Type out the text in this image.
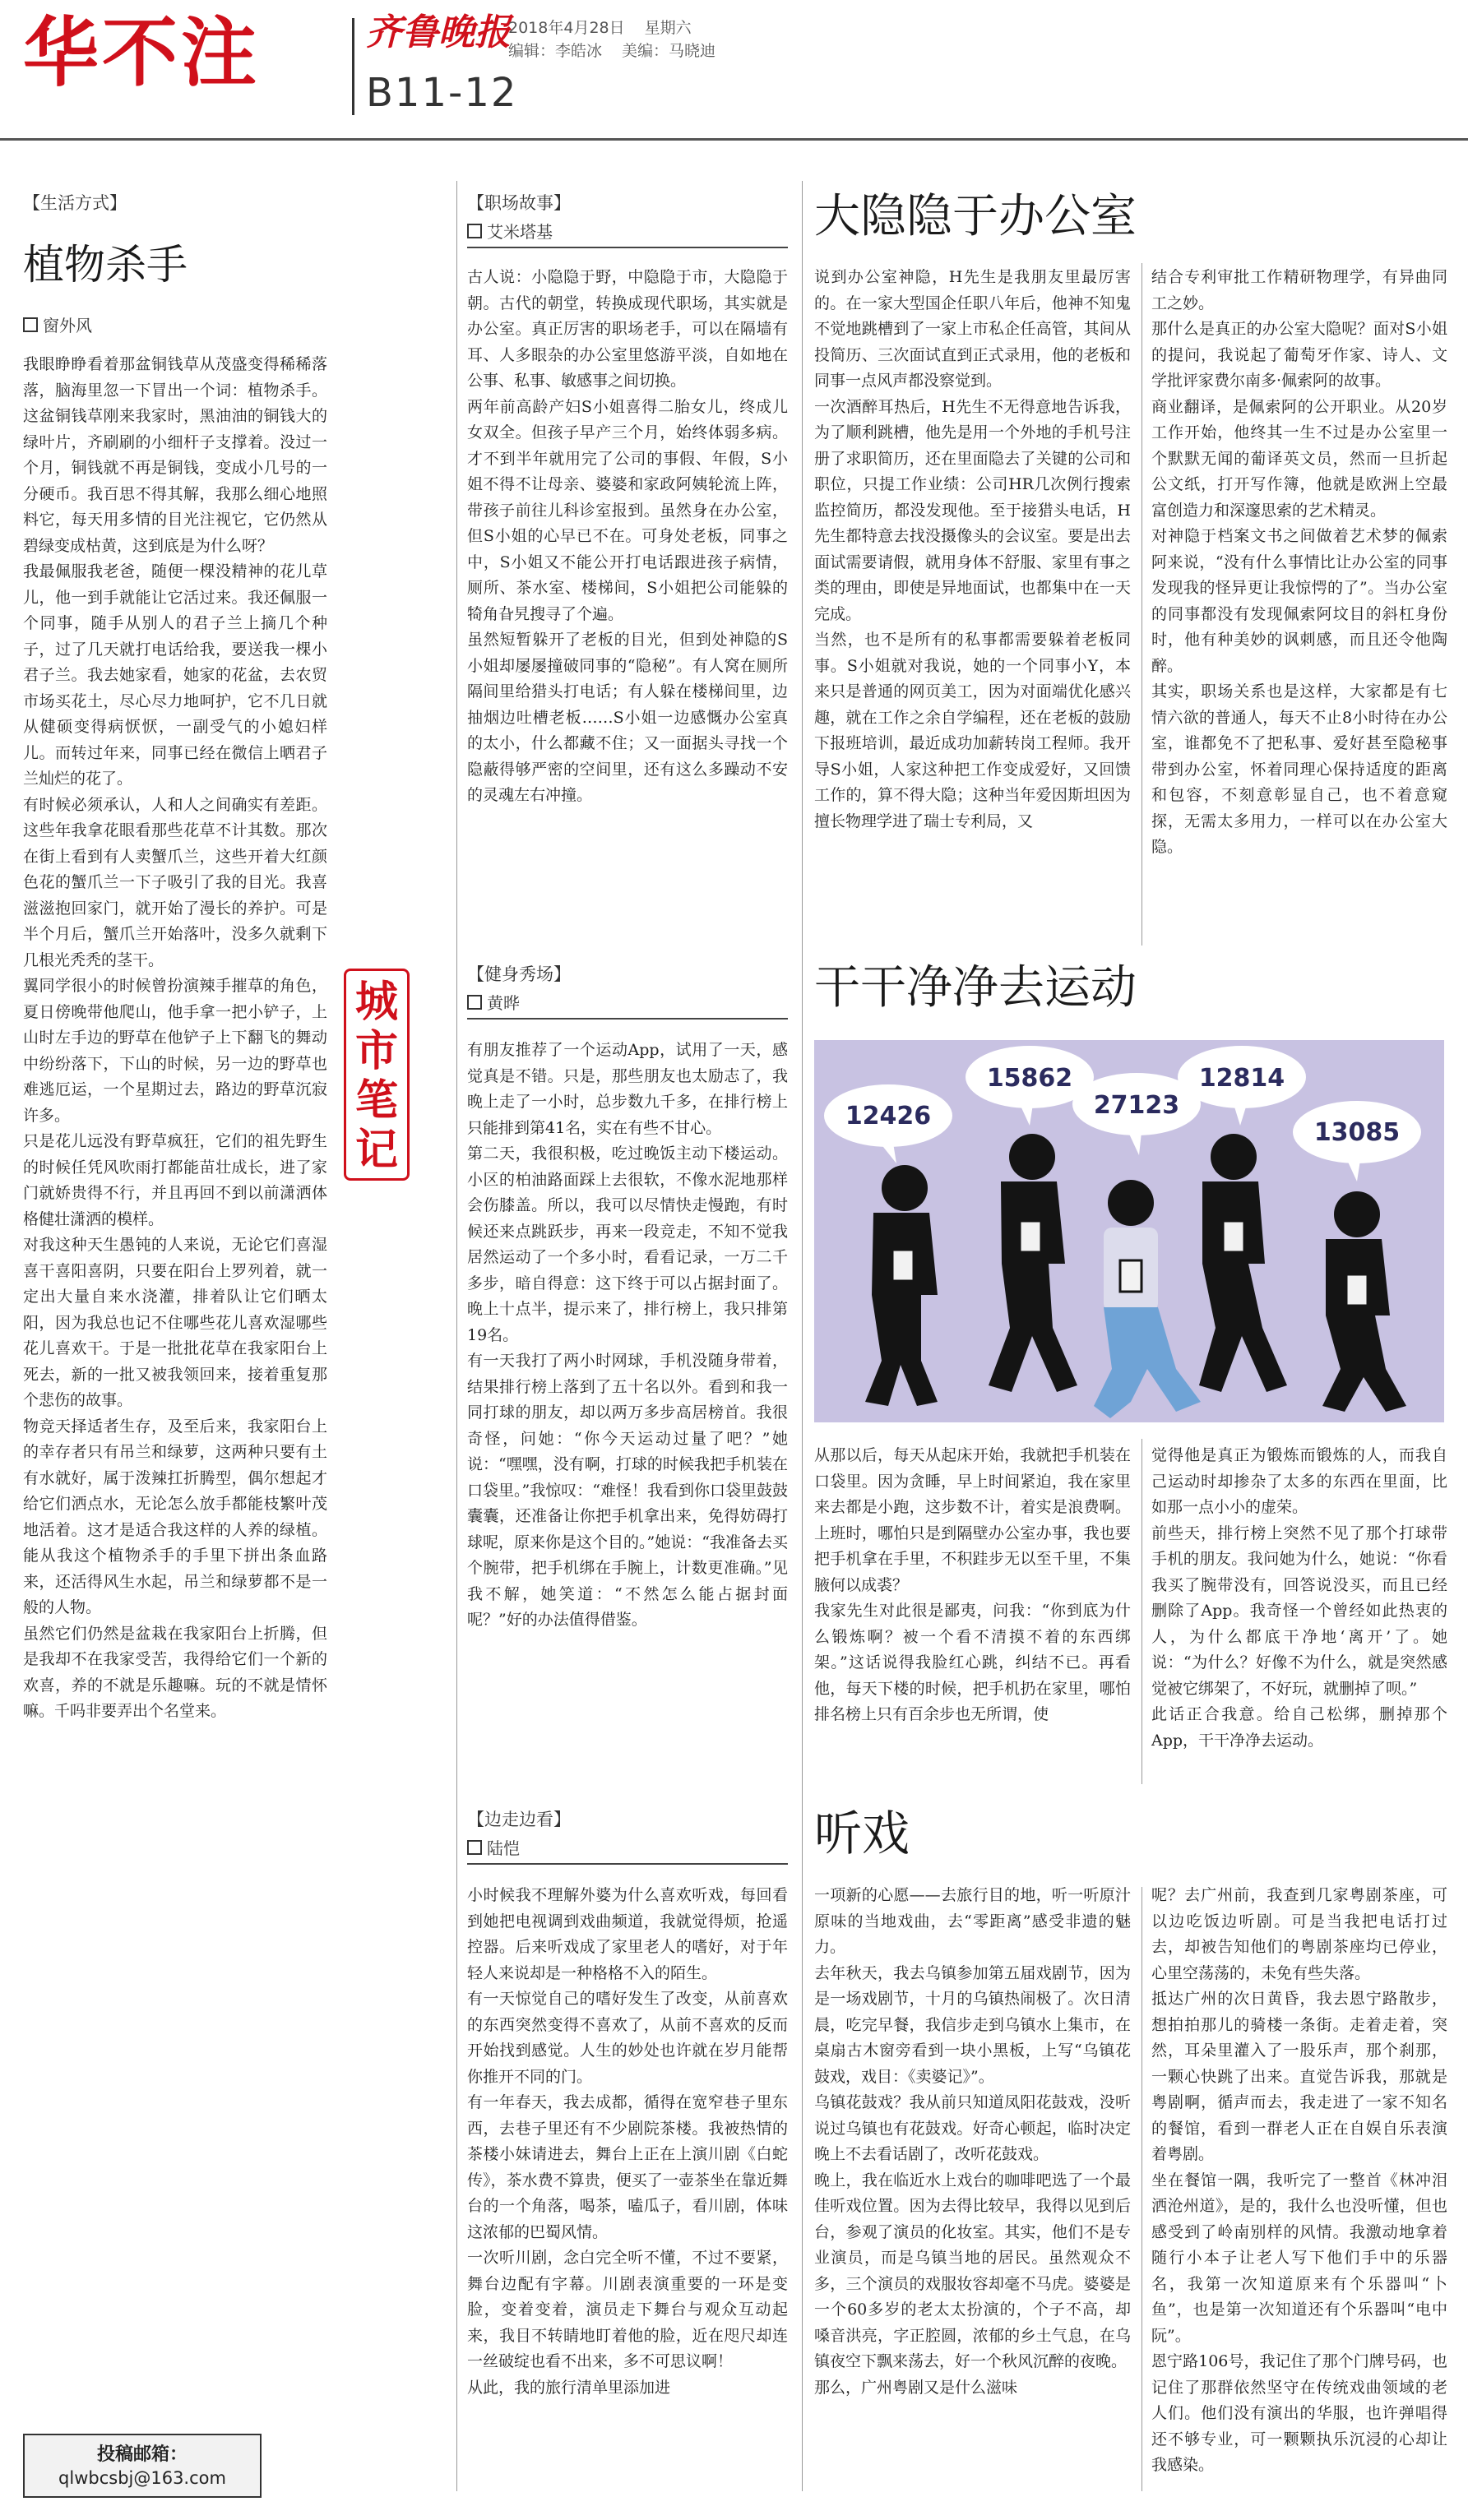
华不注	齐鲁晚报
B11-12
2018年4月28日 星期六
编辑：李皓冰 美编：马晓迪
【生活方式】
植物杀手
窗外风
我眼睁睁看着那盆铜钱草从茂盛变得稀稀落落，脑海里忽一下冒出一个词：植物杀手。这盆铜钱草刚来我家时，黑油油的铜钱大的绿叶片，齐刷刷的小细杆子支撑着。没过一个月，铜钱就不再是铜钱，变成小几号的一分硬币。我百思不得其解，我那么细心地照料它，每天用多情的目光注视它，它仍然从碧绿变成枯黄，这到底是为什么呀？
我最佩服我老爸，随便一棵没精神的花儿草儿，他一到手就能让它活过来。我还佩服一个同事，随手从别人的君子兰上摘几个种子，过了几天就打电话给我，要送我一棵小君子兰。我去她家看，她家的花盆，去农贸市场买花土，尽心尽力地呵护，它不几日就从健硕变得病恹恹，一副受气的小媳妇样儿。而转过年来，同事已经在微信上晒君子兰灿烂的花了。
有时候必须承认，人和人之间确实有差距。这些年我拿花眼看那些花草不计其数。那次在街上看到有人卖蟹爪兰，这些开着大红颜色花的蟹爪兰一下子吸引了我的目光。我喜滋滋抱回家门，就开始了漫长的养护。可是半个月后，蟹爪兰开始落叶，没多久就剩下几根光秃秃的茎干。
翼同学很小的时候曾扮演辣手摧草的角色，夏日傍晚带他爬山，他手拿一把小铲子，上山时左手边的野草在他铲子上下翻飞的舞动中纷纷落下，下山的时候，另一边的野草也难逃厄运，一个星期过去，路边的野草沉寂许多。
只是花儿远没有野草疯狂，它们的祖先野生的时候任凭风吹雨打都能苗壮成长，进了家门就娇贵得不行，并且再回不到以前潇洒体格健壮潇洒的模样。
对我这种天生愚钝的人来说，无论它们喜湿喜干喜阳喜阴，只要在阳台上罗列着，就一定出大量自来水浇灌，排着队让它们晒太阳，因为我总也记不住哪些花儿喜欢湿哪些花儿喜欢干。于是一批批花草在我家阳台上死去，新的一批又被我领回来，接着重复那个悲伤的故事。
物竞天择适者生存，及至后来，我家阳台上的幸存者只有吊兰和绿萝，这两种只要有土有水就好，属于泼辣扛折腾型，偶尔想起才给它们洒点水，无论怎么放手都能枝繁叶茂地活着。这才是适合我这样的人养的绿植。能从我这个植物杀手的手里下拼出条血路来，还活得风生水起，吊兰和绿萝都不是一般的人物。
虽然它们仍然是盆栽在我家阳台上折腾，但是我却不在我家受苦，我得给它们一个新的欢喜，养的不就是乐趣嘛。玩的不就是情怀嘛。千吗非要弄出个名堂来。
城市笔记
投稿邮箱：
qlwbcsbj@163.com
【职场故事】
艾米塔基	大隐隐于办公室
古人说：小隐隐于野，中隐隐于市，大隐隐于朝。古代的朝堂，转换成现代职场，其实就是办公室。真正厉害的职场老手，可以在隔墙有耳、人多眼杂的办公室里悠游平淡，自如地在公事、私事、敏感事之间切换。
两年前高龄产妇S小姐喜得二胎女儿，终成儿女双全。但孩子早产三个月，始终体弱多病。才不到半年就用完了公司的事假、年假，S小姐不得不让母亲、婆婆和家政阿姨轮流上阵，带孩子前往儿科诊室报到。虽然身在办公室，但S小姐的心早已不在。可身处老板，同事之中，S小姐又不能公开打电话跟进孩子病情，厕所、茶水室、楼梯间，S小姐把公司能躲的犄角旮旯搜寻了个遍。
虽然短暂躲开了老板的目光，但到处神隐的S小姐却屡屡撞破同事的“隐秘”。有人窝在厕所隔间里给猎头打电话；有人躲在楼梯间里，边抽烟边吐槽老板……S小姐一边感慨办公室真的太小，什么都藏不住；又一面据头寻找一个隐蔽得够严密的空间里，还有这么多躁动不安的灵魂左右冲撞。
说到办公室神隐，H先生是我朋友里最厉害的。在一家大型国企任职八年后，他神不知鬼不觉地跳槽到了一家上市私企任高管，其间从投简历、三次面试直到正式录用，他的老板和同事一点风声都没察觉到。
一次酒醉耳热后，H先生不无得意地告诉我，为了顺利跳槽，他先是用一个外地的手机号注册了求职简历，还在里面隐去了关键的公司和职位，只提工作业绩：公司HR几次例行搜索监控简历，都没发现他。至于接猎头电话，H先生都特意去找没摄像头的会议室。要是出去面试需要请假，就用身体不舒服、家里有事之类的理由，即使是异地面试，也都集中在一天完成。
当然，也不是所有的私事都需要躲着老板同事。S小姐就对我说，她的一个同事小Y，本来只是普通的网页美工，因为对面端优化感兴趣，就在工作之余自学编程，还在老板的鼓励下报班培训，最近成功加薪转岗工程师。我开导S小姐，人家这种把工作变成爱好，又回馈工作的，算不得大隐；这种当年爱因斯坦因为擅长物理学进了瑞士专利局，又
结合专利审批工作精研物理学，有异曲同工之妙。
那什么是真正的办公室大隐呢？面对S小姐的提问，我说起了葡萄牙作家、诗人、文学批评家费尔南多·佩索阿的故事。
商业翻译，是佩索阿的公开职业。从20岁工作开始，他终其一生不过是办公室里一个默默无闻的葡译英文员，然而一旦折起公文纸，打开写作簿，他就是欧洲上空最富创造力和深邃思索的艺术精灵。
对神隐于档案文书之间做着艺术梦的佩索阿来说，“没有什么事情比让办公室的同事发现我的怪异更让我惊愕的了”。当办公室的同事都没有发现佩索阿坟目的斜杠身份时，他有种美妙的讽刺感，而且还令他陶醉。
其实，职场关系也是这样，大家都是有七情六欲的普通人，每天不止8小时待在办公室，谁都免不了把私事、爱好甚至隐秘事带到办公室，怀着同理心保持适度的距离和包容，不刻意彰显自己，也不着意窥探，无需太多用力，一样可以在办公室大隐。
【健身秀场】
黄晔	干干净净去运动
有朋友推荐了一个运动App，试用了一天，感觉真是不错。只是，那些朋友也太励志了，我晚上走了一小时，总步数九千多，在排行榜上只能排到第41名，实在有些不甘心。
第二天，我很积极，吃过晚饭主动下楼运动。小区的柏油路面踩上去很软，不像水泥地那样会伤膝盖。所以，我可以尽情快走慢跑，有时候还来点跳跃步，再来一段竞走，不知不觉我居然运动了一个多小时，看看记录，一万二千多步，暗自得意：这下终于可以占据封面了。晚上十点半，提示来了，排行榜上，我只排第19名。
有一天我打了两小时网球，手机没随身带着，结果排行榜上落到了五十名以外。看到和我一同打球的朋友，却以两万多步高居榜首。我很奇怪，问她：“你今天运动过量了吧？”她说：“嘿嘿，没有啊，打球的时候我把手机装在口袋里。”我惊叹：“难怪！我看到你口袋里鼓鼓囊囊，还准备让你把手机拿出来，免得妨碍打球呢，原来你是这个目的。”她说：“我准备去买个腕带，把手机绑在手腕上，计数更准确。”见我不解，她笑道：“不然怎么能占据封面呢？”好的办法值得借鉴。
12426
15862
27123
12814
13085
从那以后，每天从起床开始，我就把手机装在口袋里。因为贪睡，早上时间紧迫，我在家里来去都是小跑，这步数不计，着实是浪费啊。上班时，哪怕只是到隔壁办公室办事，我也要把手机拿在手里，不积跬步无以至千里，不集腋何以成裘？
我家先生对此很是鄙夷，问我：“你到底为什么锻炼啊？被一个看不清摸不着的东西绑架。”这话说得我脸红心跳，纠结不已。再看他，每天下楼的时候，把手机扔在家里，哪怕排名榜上只有百余步也无所谓，使
觉得他是真正为锻炼而锻炼的人，而我自己运动时却掺杂了太多的东西在里面，比如那一点小小的虚荣。
前些天，排行榜上突然不见了那个打球带手机的朋友。我问她为什么，她说：“你看我买了腕带没有，回答说没买，而且已经删除了App。我奇怪一个曾经如此热衷的人，为什么都底干净地‘离开’了。她说：“为什么？好像不为什么，就是突然感觉被它绑架了，不好玩，就删掉了呗。”
此话正合我意。给自己松绑，删掉那个App，干干净净去运动。
【边走边看】
陆恺	听戏
小时候我不理解外婆为什么喜欢听戏，每回看到她把电视调到戏曲频道，我就觉得烦，抢遥控器。后来听戏成了家里老人的嗜好，对于年轻人来说却是一种格格不入的陌生。
有一天惊觉自己的嗜好发生了改变，从前喜欢的东西突然变得不喜欢了，从前不喜欢的反而开始找到感觉。人生的妙处也许就在岁月能帮你推开不同的门。
有一年春天，我去成都，循得在宽窄巷子里东西，去巷子里还有不少剧院茶楼。我被热情的茶楼小妹请进去，舞台上正在上演川剧《白蛇传》，茶水费不算贵，便买了一壶茶坐在靠近舞台的一个角落，喝茶，嗑瓜子，看川剧，体味这浓郁的巴蜀风情。
一次听川剧，念白完全听不懂，不过不要紧，舞台边配有字幕。川剧表演重要的一环是变脸，变着变着，演员走下舞台与观众互动起来，我目不转睛地盯着他的脸，近在咫尺却连一丝破绽也看不出来，多不可思议啊！
从此，我的旅行清单里添加进
一项新的心愿——去旅行目的地，听一听原汁原味的当地戏曲，去“零距离”感受非遗的魅力。
去年秋天，我去乌镇参加第五届戏剧节，因为是一场戏剧节，十月的乌镇热闹极了。次日清晨，吃完早餐，我信步走到乌镇水上集市，在桌扇古木窗旁看到一块小黑板，上写“乌镇花鼓戏，戏目：《卖婆记》”。
乌镇花鼓戏？我从前只知道凤阳花鼓戏，没听说过乌镇也有花鼓戏。好奇心顿起，临时决定晚上不去看话剧了，改听花鼓戏。
晚上，我在临近水上戏台的咖啡吧选了一个最佳听戏位置。因为去得比较早，我得以见到后台，参观了演员的化妆室。其实，他们不是专业演员，而是乌镇当地的居民。虽然观众不多，三个演员的戏服妆容却毫不马虎。婆婆是一个60多岁的老太太扮演的，个子不高，却嗓音洪亮，字正腔圆，浓郁的乡土气息，在乌镇夜空下飘来荡去，好一个秋风沉醉的夜晚。
那么，广州粤剧又是什么滋味
呢？去广州前，我查到几家粤剧茶座，可以边吃饭边听剧。可是当我把电话打过去，却被告知他们的粤剧茶座均已停业，心里空荡荡的，未免有些失落。
抵达广州的次日黄昏，我去恩宁路散步，想拍拍那儿的骑楼一条街。走着走着，突然，耳朵里灌入了一股乐声，那个刹那，一颗心快跳了出来。直觉告诉我，那就是粤剧啊，循声而去，我走进了一家不知名的餐馆，看到一群老人正在自娱自乐表演着粤剧。
坐在餐馆一隅，我听完了一整首《林冲泪洒沧州道》，是的，我什么也没听懂，但也感受到了岭南别样的风情。我激动地拿着随行小本子让老人写下他们手中的乐器名，我第一次知道原来有个乐器叫“卜鱼”，也是第一次知道还有个乐器叫“电中阮”。
恩宁路106号，我记住了那个门牌号码，也记住了那群依然坚守在传统戏曲领域的老人们。他们没有演出的华服，也许弹唱得还不够专业，可一颗颗执乐沉浸的心却让我感染。
